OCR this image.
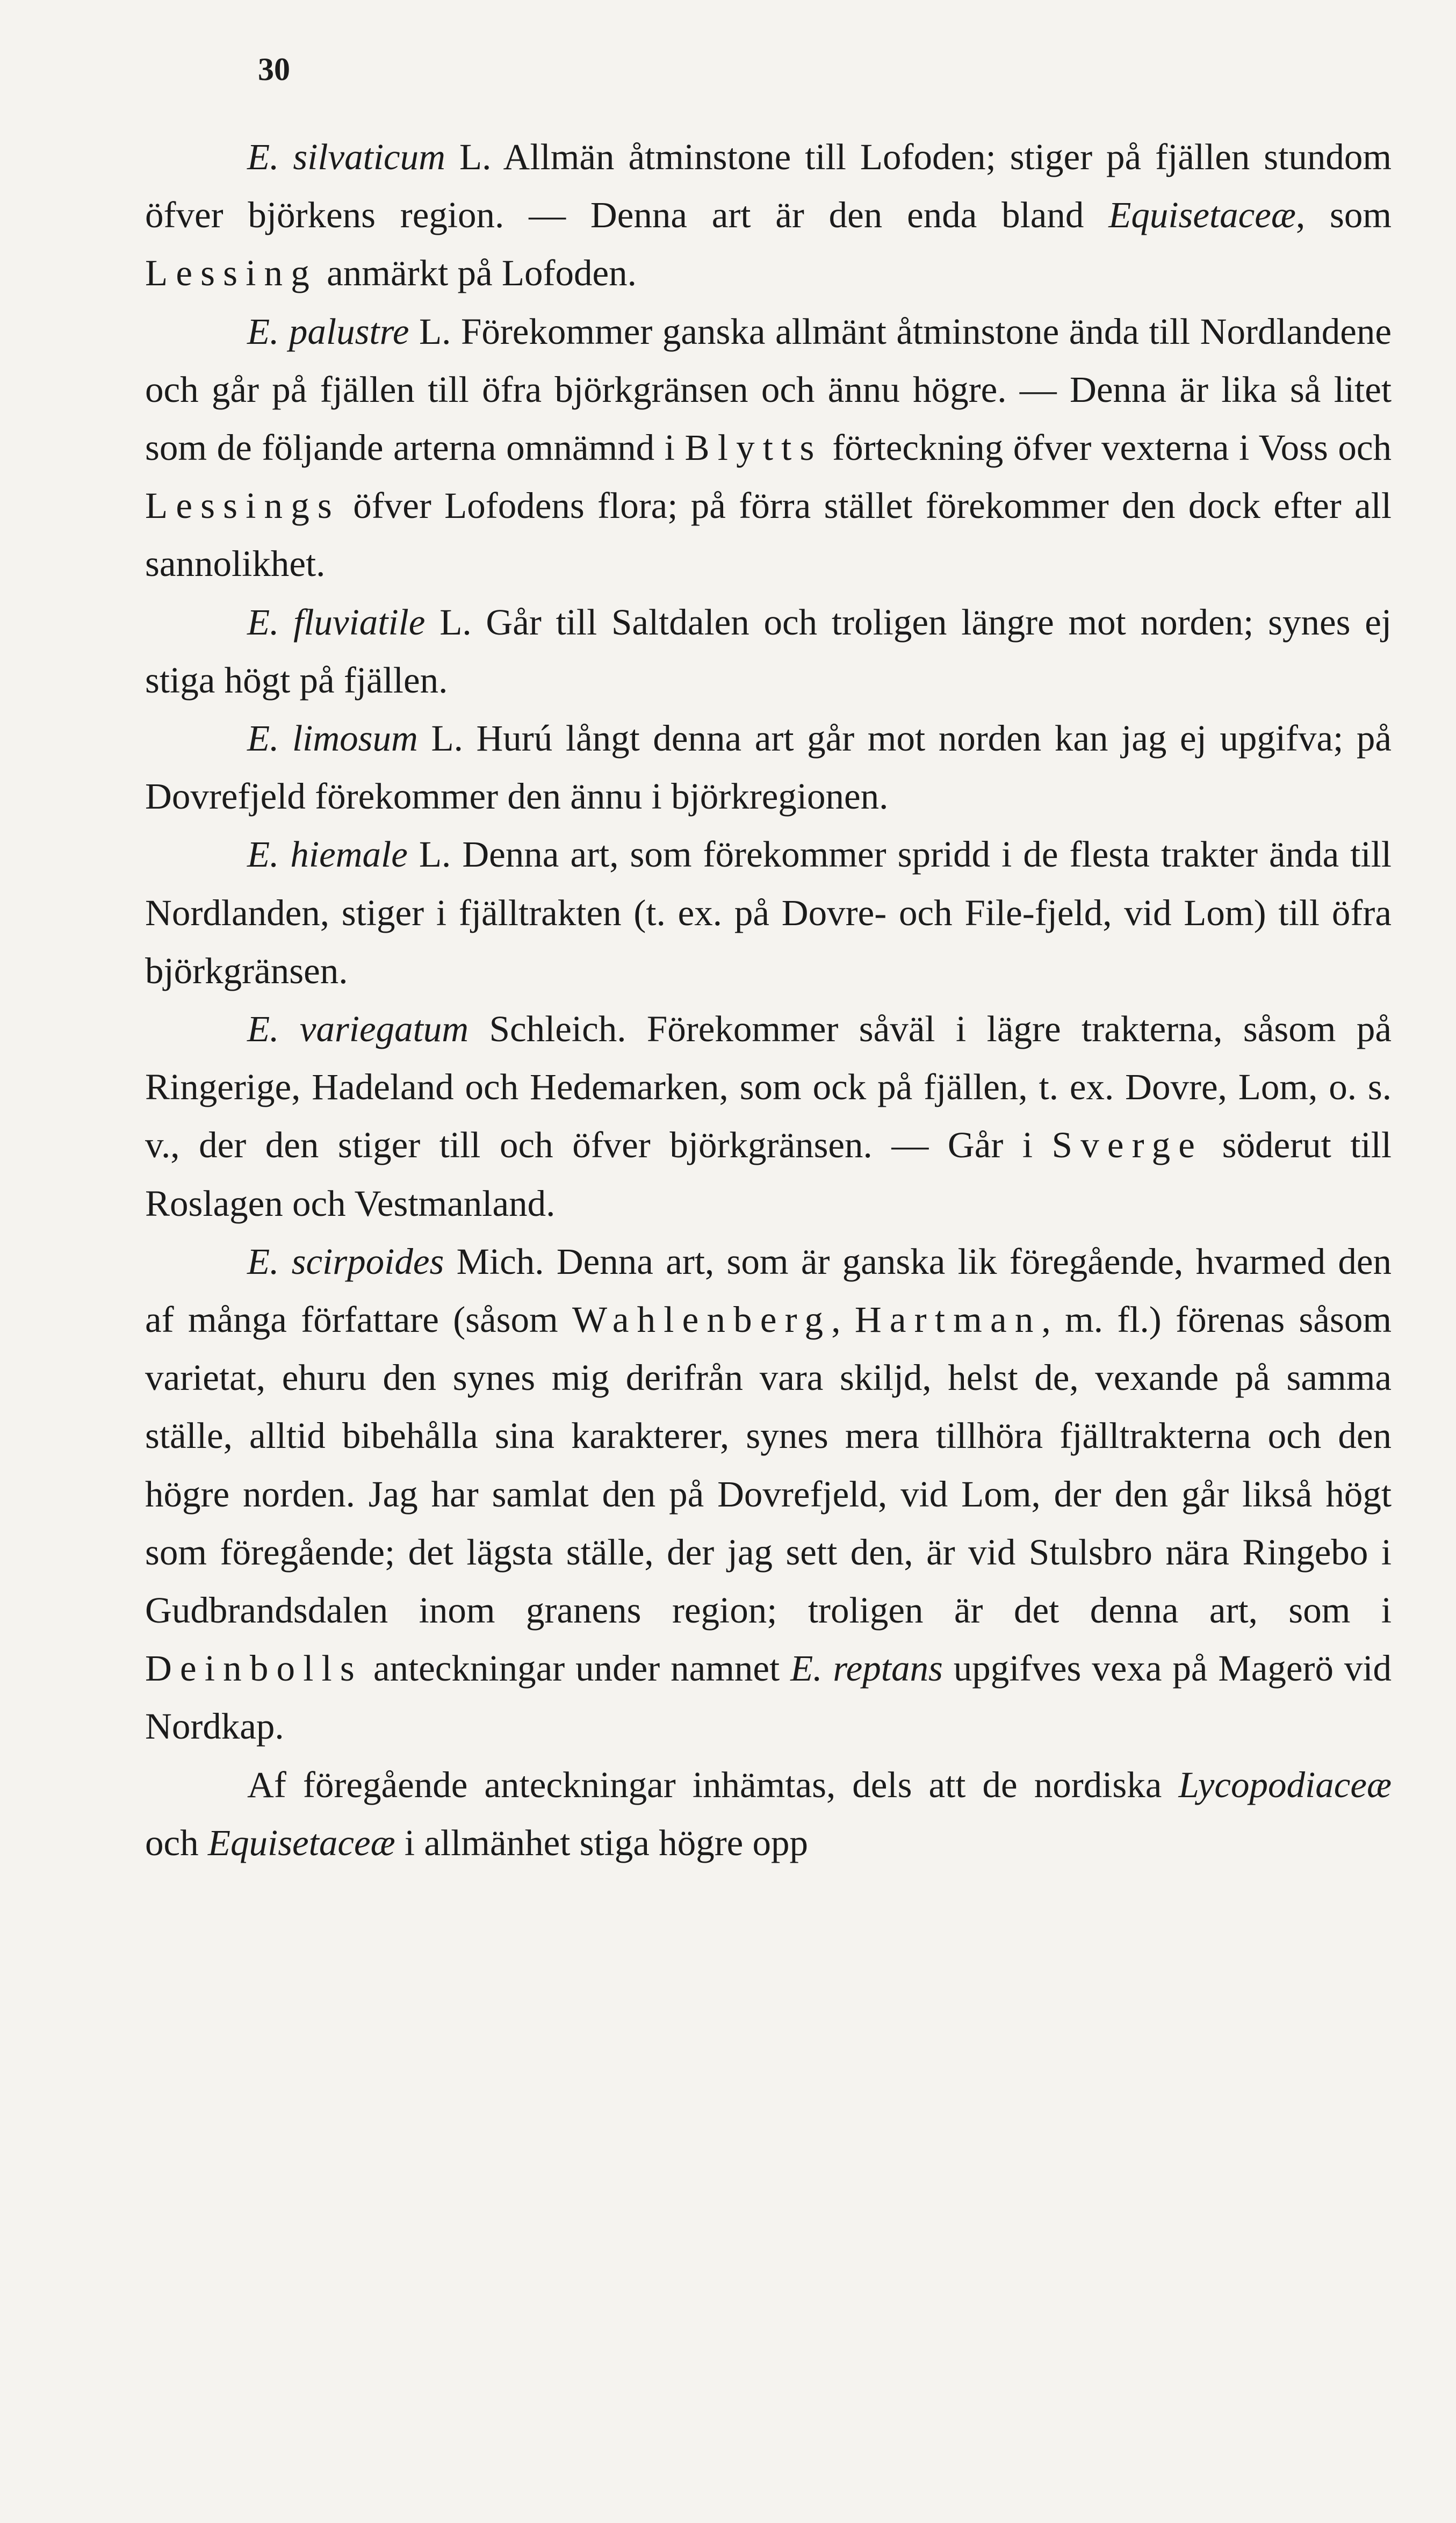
30

E. silvaticum L. Allmän åtminstone till Lofoden; stiger på fjällen stundom öfver björkens region. — Denna art är den enda bland Equisetaceæ, som Lessing anmärkt på Lofoden.

E. palustre L. Förekommer ganska allmänt åtminstone ända till Nordlandene och går på fjällen till öfra björkgränsen och ännu högre. — Denna är lika så litet som de följande arterna omnämnd i Blytts förteckning öfver vexterna i Voss och Lessings öfver Lofodens flora; på förra stället förekommer den dock efter all sannolikhet.

E. fluviatile L. Går till Saltdalen och troligen längre mot norden; synes ej stiga högt på fjällen.

E. limosum L. Hurú långt denna art går mot norden kan jag ej upgifva; på Dovrefjeld förekommer den ännu i björkregionen.

E. hiemale L. Denna art, som förekommer spridd i de flesta trakter ända till Nordlanden, stiger i fjälltrakten (t. ex. på Dovre- och File-fjeld, vid Lom) till öfra björkgränsen.

E. variegatum Schleich. Förekommer såväl i lägre trakterna, såsom på Ringerige, Hadeland och Hedemarken, som ock på fjällen, t. ex. Dovre, Lom, o. s. v., der den stiger till och öfver björkgränsen. — Går i Sverge söderut till Roslagen och Vestmanland.

E. scirpoides Mich. Denna art, som är ganska lik föregående, hvarmed den af många författare (såsom Wahlenberg, Hartman, m. fl.) förenas såsom varietat, ehuru den synes mig derifrån vara skiljd, helst de, vexande på samma ställe, alltid bibehålla sina karakterer, synes mera tillhöra fjälltrakterna och den högre norden. Jag har samlat den på Dovrefjeld, vid Lom, der den går likså högt som föregående; det lägsta ställe, der jag sett den, är vid Stulsbro nära Ringebo i Gudbrandsdalen inom granens region; troligen är det denna art, som i Deinbolls anteckningar under namnet E. reptans upgifves vexa på Magerö vid Nordkap.

Af föregående anteckningar inhämtas, dels att de nordiska Lycopodiaceæ och Equisetaceæ i allmänhet stiga högre opp
